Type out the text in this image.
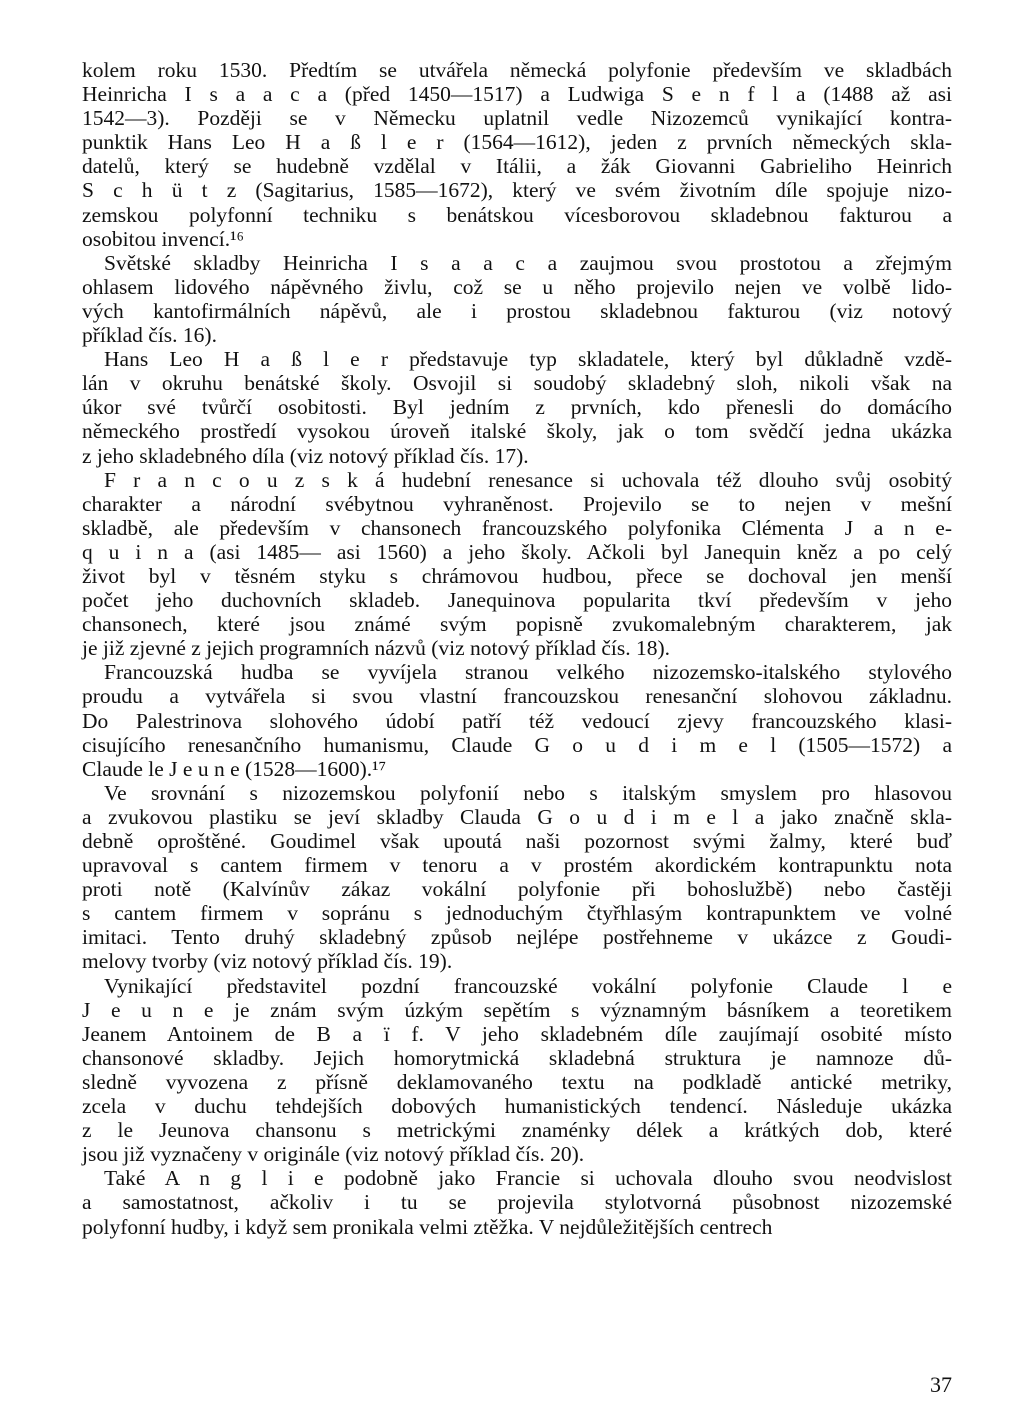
kolem roku 1530. Předtím se utvářela německá polyfonie především ve skladbách
Heinricha I s a a c a (před 1450—1517) a Ludwiga S e n f l a (1488 až asi
1542—3). Později se v Německu uplatnil vedle Nizozemců vynikající kontra-
punktik Hans Leo H a ß l e r (1564—1612), jeden z prvních německých skla-
datelů, který se hudebně vzdělal v Itálii, a žák Giovanni Gabrieliho Heinrich
S c h ü t z (Sagitarius, 1585—1672), který ve svém životním díle spojuje nizo-
zemskou polyfonní techniku s benátskou vícesborovou skladebnou fakturou a
osobitou invencí.¹⁶
Světské skladby Heinricha I s a a c a zaujmou svou prostotou a zřejmým
ohlasem lidového nápěvného živlu, což se u něho projevilo nejen ve volbě lido-
vých kantofirmálních nápěvů, ale i prostou skladebnou fakturou (viz notový
příklad čís. 16).
Hans Leo H a ß l e r představuje typ skladatele, který byl důkladně vzdě-
lán v okruhu benátské školy. Osvojil si soudobý skladebný sloh, nikoli však na
úkor své tvůrčí osobitosti. Byl jedním z prvních, kdo přenesli do domácího
německého prostředí vysokou úroveň italské školy, jak o tom svědčí jedna ukázka
z jeho skladebného díla (viz notový příklad čís. 17).
F r a n c o u z s k á hudební renesance si uchovala též dlouho svůj osobitý
charakter a národní svébytnou vyhraněnost. Projevilo se to nejen v mešní
skladbě, ale především v chansonech francouzského polyfonika Clémenta J a n e-
q u i n a (asi 1485— asi 1560) a jeho školy. Ačkoli byl Janequin kněz a po celý
život byl v těsném styku s chrámovou hudbou, přece se dochoval jen menší
počet jeho duchovních skladeb. Janequinova popularita tkví především v jeho
chansonech, které jsou známé svým popisně zvukomalebným charakterem, jak
je již zjevné z jejich programních názvů (viz notový příklad čís. 18).
Francouzská hudba se vyvíjela stranou velkého nizozemsko-italského stylového
proudu a vytvářela si svou vlastní francouzskou renesanční slohovou základnu.
Do Palestrinova slohového údobí patří též vedoucí zjevy francouzského klasi-
cisujícího renesančního humanismu, Claude G o u d i m e l (1505—1572) a
Claude le J e u n e (1528—1600).¹⁷
Ve srovnání s nizozemskou polyfonií nebo s italským smyslem pro hlasovou
a zvukovou plastiku se jeví skladby Clauda G o u d i m e l a jako značně skla-
debně oproštěné. Goudimel však upoutá naši pozornost svými žalmy, které buď
upravoval s cantem firmem v tenoru a v prostém akordickém kontrapunktu nota
proti notě (Kalvínův zákaz vokální polyfonie při bohoslužbě) nebo častěji
s cantem firmem v sopránu s jednoduchým čtyřhlasým kontrapunktem ve volné
imitaci. Tento druhý skladebný způsob nejlépe postřehneme v ukázce z Goudi-
melovy tvorby (viz notový příklad čís. 19).
Vynikající představitel pozdní francouzské vokální polyfonie Claude l e
J e u n e je znám svým úzkým sepětím s významným básníkem a teoretikem
Jeanem Antoinem de B a ï f. V jeho skladebném díle zaujímají osobité místo
chansonové skladby. Jejich homorytmická skladebná struktura je namnoze dů-
sledně vyvozena z přísně deklamovaného textu na podkladě antické metriky,
zcela v duchu tehdejších dobových humanistických tendencí. Následuje ukázka
z le Jeunova chansonu s metrickými znaménky délek a krátkých dob, které
jsou již vyznačeny v originále (viz notový příklad čís. 20).
Také A n g l i e podobně jako Francie si uchovala dlouho svou neodvislost
a samostatnost, ačkoliv i tu se projevila stylotvorná působnost nizozemské
polyfonní hudby, i když sem pronikala velmi ztěžka. V nejdůležitějších centrech
37
